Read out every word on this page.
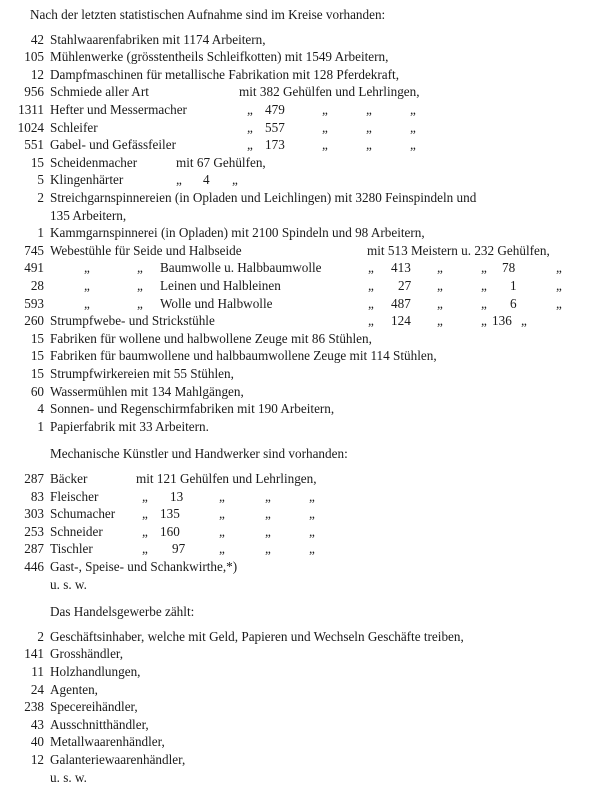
Nach der letzten statistischen Aufnahme sind im Kreise vorhanden:
42 Stahlwaarenfabriken mit 1174 Arbeitern,
105 Mühlenwerke (grösstentheils Schleifkotten) mit 1549 Arbeitern,
12 Dampfmaschinen für metallische Fabrikation mit 128 Pferdekraft,
956 Schmiede aller Art	mit 382 Gehülfen und Lehrlingen,
1311 Hefter und Messermacher	„ 479	„	„	„
1024 Schleifer	„ 557	„	„	„
551 Gabel- und Gefässfeiler	„ 173	„	„	„
15 Scheidenmacher	mit 67 Gehülfen,
5 Klingenhärter	„ 4 „
2 Streichgarnspinnereien (in Opladen und Leichlingen) mit 3280 Feinspindeln und
135 Arbeitern,
1 Kammgarnspinnerei (in Opladen) mit 2100 Spindeln und 98 Arbeitern,
745 Webestühle für Seide und Halbseide	mit 513 Meistern u. 232 Gehülfen,
491	„	„ Baumwolle u. Halbbaumwolle	„ 413 „	„ 78	„
28	„	„ Leinen und Halbleinen	„ 27 „	„ 1	„
593	„	„ Wolle und Halbwolle	„ 487 „	„ 6	„
260 Strumpfwebe- und Strickstühle	„ 124 „	„ 136 „
15 Fabriken für wollene und halbwollene Zeuge mit 86 Stühlen,
15 Fabriken für baumwollene und halbbaumwollene Zeuge mit 114 Stühlen,
15 Strumpfwirkereien mit 55 Stühlen,
60 Wassermühlen mit 134 Mahlgängen,
4 Sonnen- und Regenschirmfabriken mit 190 Arbeitern,
1 Papierfabrik mit 33 Arbeitern.
Mechanische Künstler und Handwerker sind vorhanden:
287 Bäcker	mit 121 Gehülfen und Lehrlingen,
83 Fleischer	„ 13	„	„	„
303 Schumacher „ 135	„	„	„
253 Schneider	„ 160	„	„	„
287 Tischler	„ 97	„	„	„
446 Gast-, Speise- und Schankwirthe,*)
u. s. w.
Das Handelsgewerbe zählt:
2 Geschäftsinhaber, welche mit Geld, Papieren und Wechseln Geschäfte treiben,
141 Grosshändler,
11 Holzhandlungen,
24 Agenten,
238 Specereihändler,
43 Ausschnitthändler,
40 Metallwaarenhändler,
12 Galanteriewaarenhändler,
u. s. w.
